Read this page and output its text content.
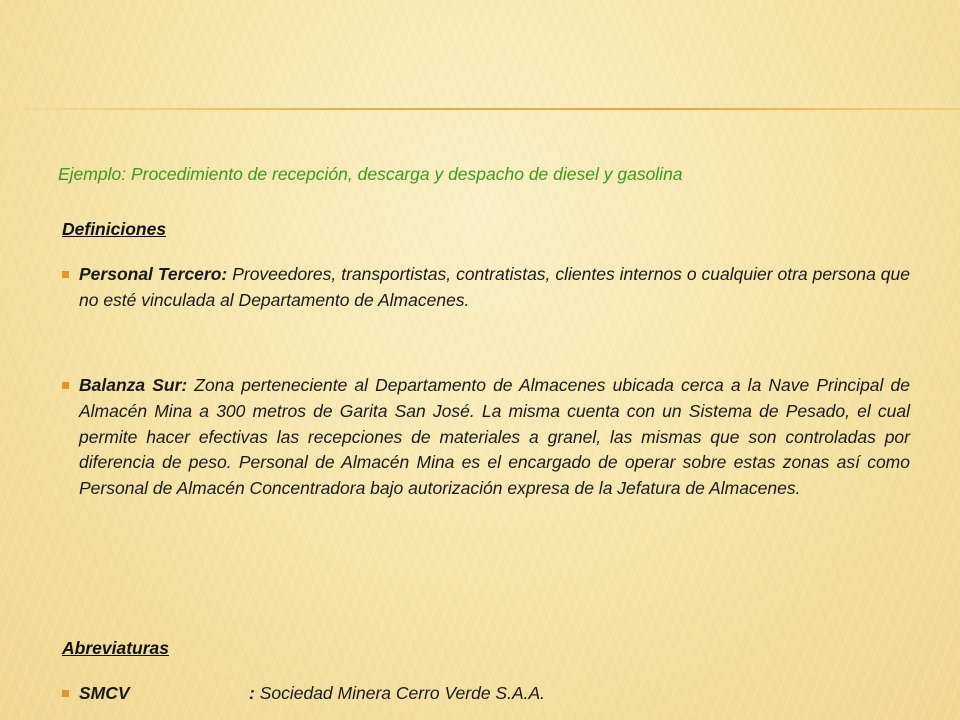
Ejemplo: Procedimiento de recepción, descarga y despacho de diesel y gasolina

Definiciones

Personal Tercero: Proveedores, transportistas, contratistas, clientes internos o cualquier otra persona que no esté vinculada al Departamento de Almacenes.
Balanza Sur: Zona perteneciente al Departamento de Almacenes ubicada cerca a la Nave Principal de Almacén Mina a 300 metros de Garita San José. La misma cuenta con un Sistema de Pesado, el cual permite hacer efectivas las recepciones de materiales a granel, las mismas que son controladas por diferencia de peso. Personal de Almacén Mina es el encargado de operar sobre estas zonas así como Personal de Almacén Concentradora bajo autorización expresa de la Jefatura de Almacenes.

Abreviaturas

SMCV	: Sociedad Minera Cerro Verde S.A.A.
